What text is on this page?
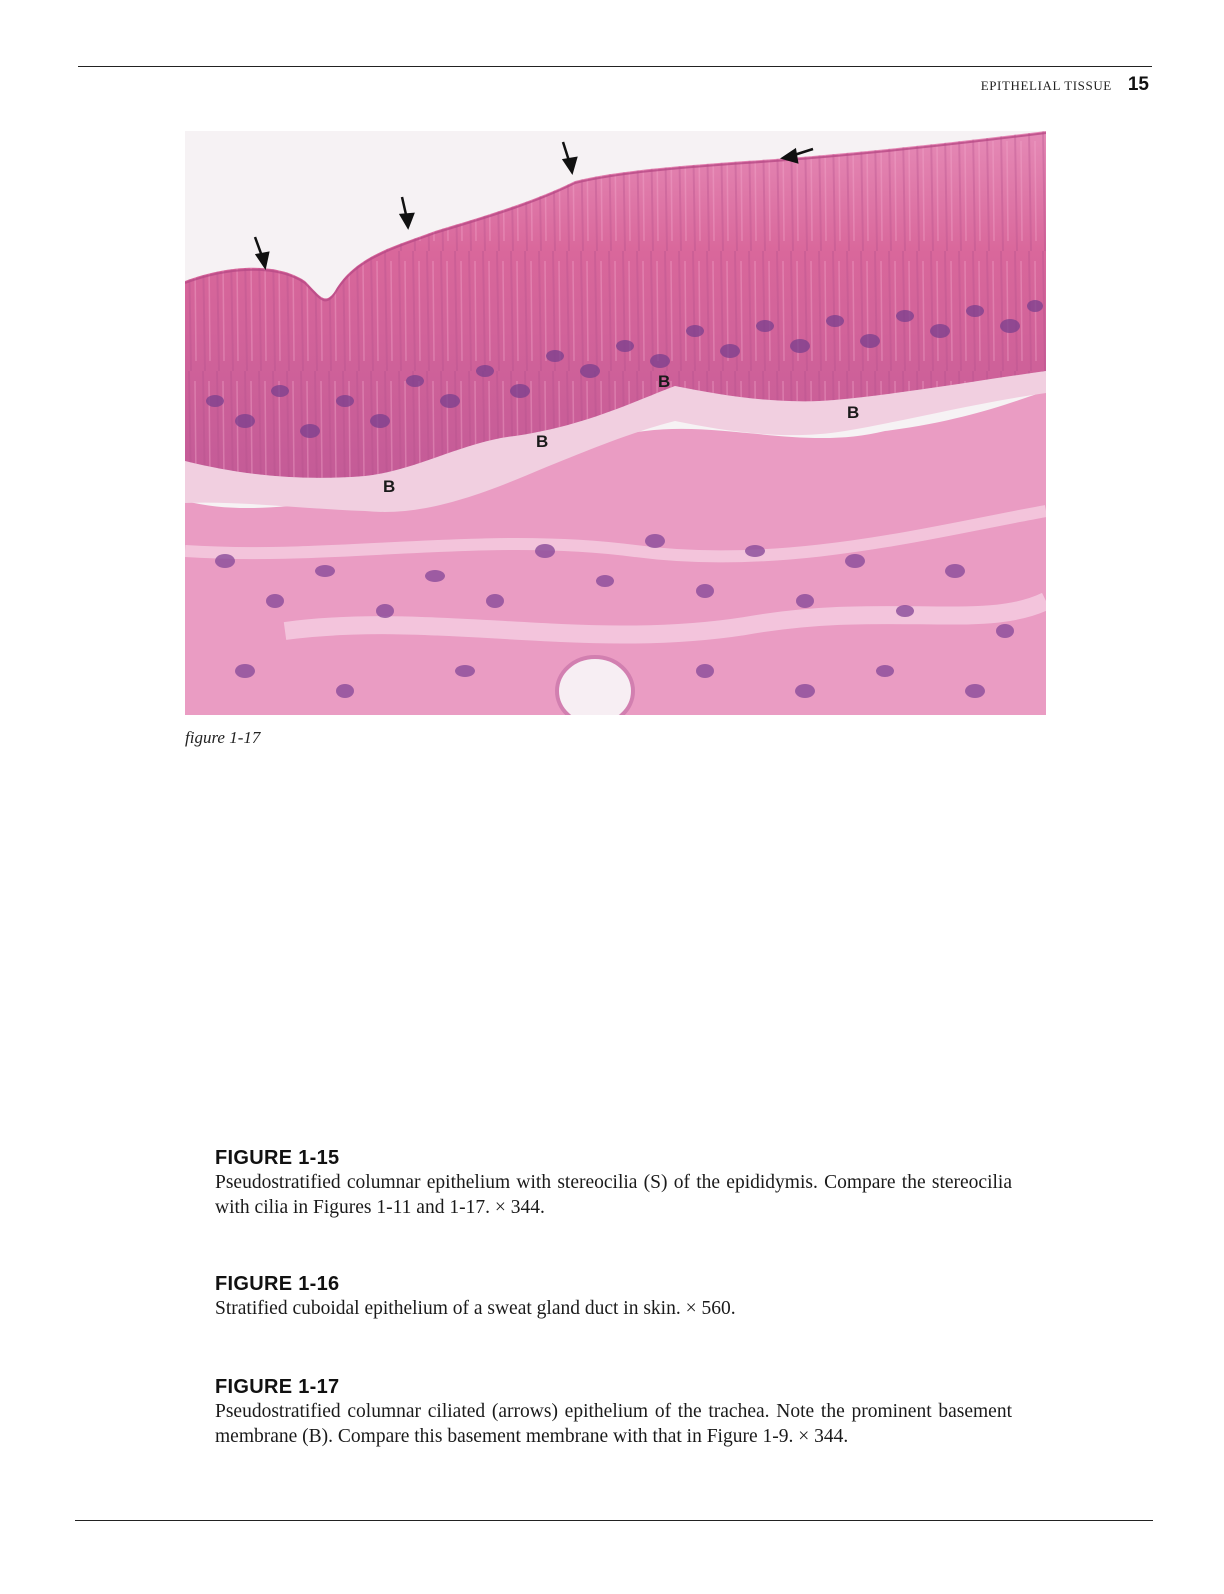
EPITHELIAL TISSUE 15
B
B
B
B
figure 1-17
FIGURE 1-15

Pseudostratified columnar epithelium with stereocilia (S) of the epididymis. Compare the stereocilia with cilia in Figures 1-11 and 1-17. × 344.

FIGURE 1-16

Stratified cuboidal epithelium of a sweat gland duct in skin. × 560.

FIGURE 1-17

Pseudostratified columnar ciliated (arrows) epithelium of the trachea. Note the prominent basement membrane (B). Compare this basement membrane with that in Figure 1-9. × 344.
